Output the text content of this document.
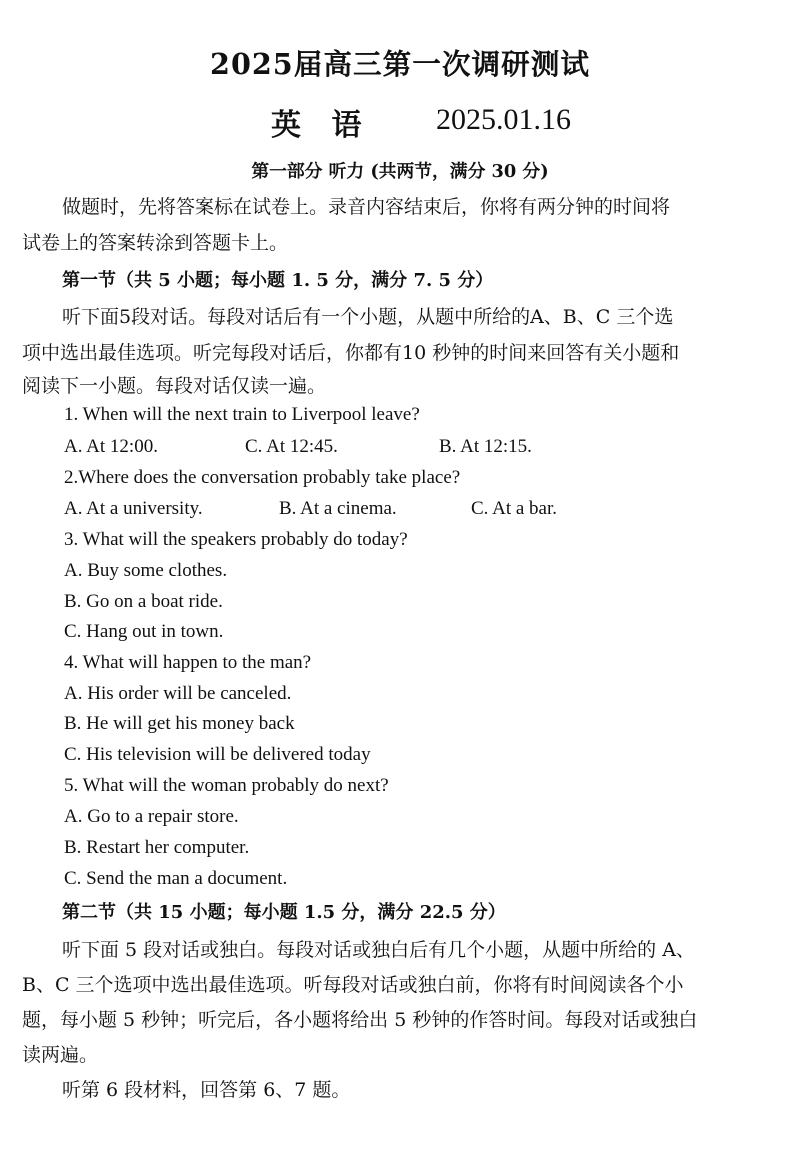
2025届高三第一次调研测试
英 语 2025.01.16
第一部分 听力 (共两节，满分 30 分)
做题时，先将答案标在试卷上。录音内容结束后，你将有两分钟的时间将
试卷上的答案转涂到答题卡上。
第一节（共 5 小题；每小题 1. 5 分，满分 7. 5 分）
听下面5段对话。每段对话后有一个小题，从题中所给的A、B、C 三个选
项中选出最佳选项。听完每段对话后，你都有10 秒钟的时间来回答有关小题和
阅读下一小题。每段对话仅读一遍。
1. When will the next train to Liverpool leave?
A. At 12:00.	C. At 12:45.	B. At 12:15.
2.Where does the conversation probably take place?
A. At a university.	B. At a cinema.	C. At a bar.
3. What will the speakers probably do today?
A. Buy some clothes.
B. Go on a boat ride.
C. Hang out in town.
4. What will happen to the man?
A. His order will be canceled.
B. He will get his money back
C. His television will be delivered today
5. What will the woman probably do next?
A. Go to a repair store.
B. Restart her computer.
C. Send the man a document.
第二节（共 15 小题；每小题 1.5 分，满分 22.5 分）
听下面 5 段对话或独白。每段对话或独白后有几个小题，从题中所给的 A、
B、C 三个选项中选出最佳选项。听每段对话或独白前，你将有时间阅读各个小
题，每小题 5 秒钟；听完后，各小题将给出 5 秒钟的作答时间。每段对话或独白
读两遍。
听第 6 段材料，回答第 6、7 题。
